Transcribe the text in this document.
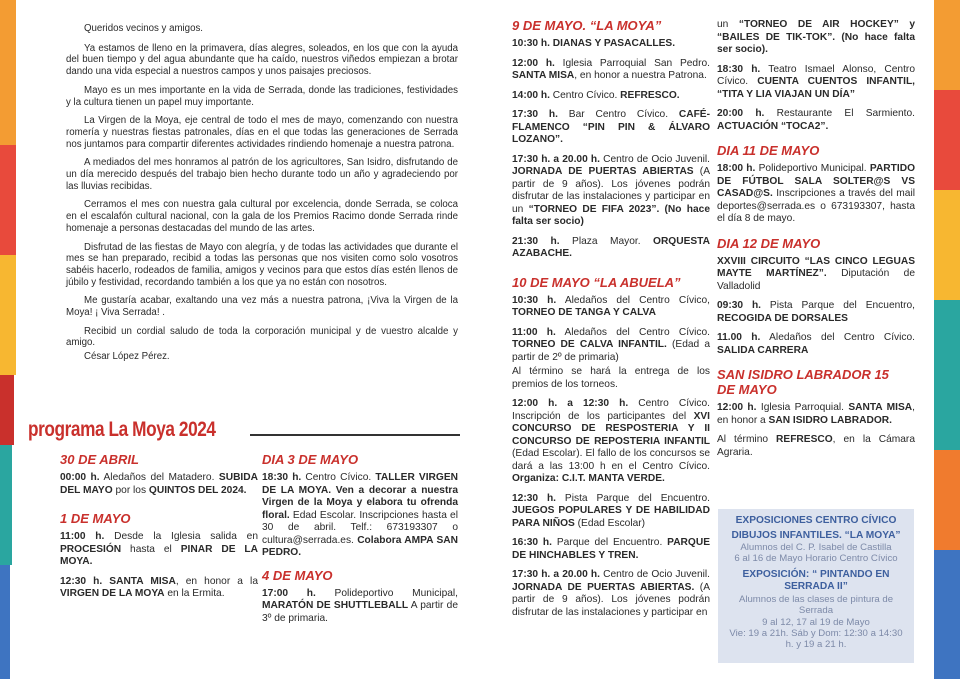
Queridos vecinos y amigos.

Ya estamos de lleno en la primavera, días alegres, soleados, en los que con la ayuda del buen tiempo y del agua abundante que ha caído, nuestros viñedos empiezan a brotar dando una vida especial a nuestros campos y unos paisajes preciosos.

Mayo es un mes importante en la vida de Serrada, donde las tradiciones, festividades y la cultura tienen un papel muy importante.

La Virgen de la Moya, eje central de todo el mes de mayo, comenzando con nuestra romería y nuestras fiestas patronales, días en el que todas las generaciones de Serrada nos juntamos para compartir diferentes actividades rindiendo homenaje a nuestra patrona.

A mediados del mes honramos al patrón de los agricultores, San Isidro, disfrutando de un día merecido después del trabajo bien hecho durante todo un año y agradeciendo por las lluvias recibidas.

Cerramos el mes con nuestra gala cultural por excelencia, donde Serrada, se coloca en el escalafón cultural nacional, con la gala de los Premios Racimo donde Serrada rinde homenaje a personas destacadas del mundo de las artes.

Disfrutad de las fiestas de Mayo con alegría, y de todas las actividades que durante el mes se han preparado, recibid a todas las personas que nos visiten como solo vosotros sabéis hacerlo, rodeados de familia, amigos y vecinos para que estos días estén llenos de júbilo y festividad, recordando también a los que ya no están con nosotros.

Me gustaría acabar, exaltando una vez más a nuestra patrona, ¡Viva la Virgen de la Moya! ¡ Viva Serrada! .

Recibid un cordial saludo de toda la corporación municipal y de vuestro alcalde y amigo.

César López Pérez.

programa La Moya 2024
30 DE ABRIL

00:00 h. Aledaños del Matadero. SUBIDA DEL MAYO por los QUINTOS DEL 2024.

1 DE MAYO

11:00 h. Desde la Iglesia salida en PROCESIÓN hasta el PINAR DE LA MOYA.

12:30 h. SANTA MISA, en honor a la VIRGEN DE LA MOYA en la Ermita.

DIA 3 DE MAYO

18:30 h. Centro Cívico. TALLER VIRGEN DE LA MOYA. Ven a decorar a nuestra Virgen de la Moya y elabora tu ofrenda floral. Edad Escolar. Inscripciones hasta el 30 de abril. Telf.: 673193307 o cultura@serrada.es. Colabora AMPA SAN PEDRO.

4 DE MAYO

17:00 h. Polideportivo Municipal, MARATÓN DE SHUTTLEBALL A partir de 3º de primaria.

9 DE MAYO. “LA MOYA”

10:30 h. DIANAS Y PASACALLES.

12:00 h. Iglesia Parroquial San Pedro. SANTA MISA, en honor a nuestra Patrona.

14:00 h. Centro Cívico. REFRESCO.

17:30 h. Bar Centro Cívico. CAFÉ-FLAMENCO “PIN PIN & ÁLVARO LOZANO”.

17:30 h. a 20.00 h. Centro de Ocio Juvenil. JORNADA DE PUERTAS ABIERTAS (A partir de 9 años). Los jóvenes podrán disfrutar de las instalaciones y participar en un “TORNEO DE FIFA 2023”. (No hace falta ser socio)

21:30 h. Plaza Mayor. ORQUESTA AZABACHE.

10 DE MAYO “LA ABUELA”

10:30 h. Aledaños del Centro Cívico, TORNEO DE TANGA Y CALVA

11:00 h. Aledaños del Centro Cívico. TORNEO DE CALVA INFANTIL. (Edad a partir de 2º de primaria)

Al término se hará la entrega de los premios de los torneos.

12:00 h. a 12:30 h. Centro Cívico. Inscripción de los participantes del XVI CONCURSO DE RESPOSTERIA Y II CONCURSO DE REPOSTERIA INFANTIL (Edad Escolar). El fallo de los concursos se dará a las 13:00 h en el Centro Cívico. Organiza: C.I.T. MANTA VERDE.

12:30 h. Pista Parque del Encuentro. JUEGOS POPULARES Y DE HABILIDAD PARA NIÑOS (Edad Escolar)

16:30 h. Parque del Encuentro. PARQUE DE HINCHABLES Y TREN.

17:30 h. a 20.00 h. Centro de Ocio Juvenil. JORNADA DE PUERTAS ABIERTAS. (A partir de 9 años). Los jóvenes podrán disfrutar de las instalaciones y participar en

un “TORNEO DE AIR HOCKEY” y “BAILES DE TIK-TOK”. (No hace falta ser socio).

18:30 h. Teatro Ismael Alonso, Centro Cívico. CUENTA CUENTOS INFANTIL, “TITA Y LIA VIAJAN UN DÍA”

20:00 h. Restaurante El Sarmiento. ACTUACIÓN “TOCA2”.

DIA 11 DE MAYO

18:00 h. Polideportivo Municipal. PARTIDO DE FÚTBOL SALA SOLTER@S VS CASAD@S. Inscripciones a través del mail deportes@serrada.es o 673193307, hasta el día 8 de mayo.

DIA 12 DE MAYO

XXVIII CIRCUITO “LAS CINCO LEGUAS MAYTE MARTÍNEZ”. Diputación de Valladolid

09:30 h. Pista Parque del Encuentro, RECOGIDA DE DORSALES

11.00 h. Aledaños del Centro Cívico. SALIDA CARRERA

SAN ISIDRO LABRADOR 15 DE MAYO

12:00 h. Iglesia Parroquial. SANTA MISA, en honor a SAN ISIDRO LABRADOR.

Al término REFRESCO, en la Cámara Agraria.

EXPOSICIONES CENTRO CÍVICO
DIBUJOS INFANTILES. “LA MOYA”
Alumnos del C. P. Isabel de Castilla
6 al 16 de Mayo Horario Centro Cívico
EXPOSICIÓN: “ PINTANDO EN SERRADA II”
Alumnos de las clases de pintura de Serrada
9 al 12, 17 al 19 de Mayo
Vie: 19 a 21h. Sáb y Dom: 12:30 a 14:30 h. y 19 a 21 h.
